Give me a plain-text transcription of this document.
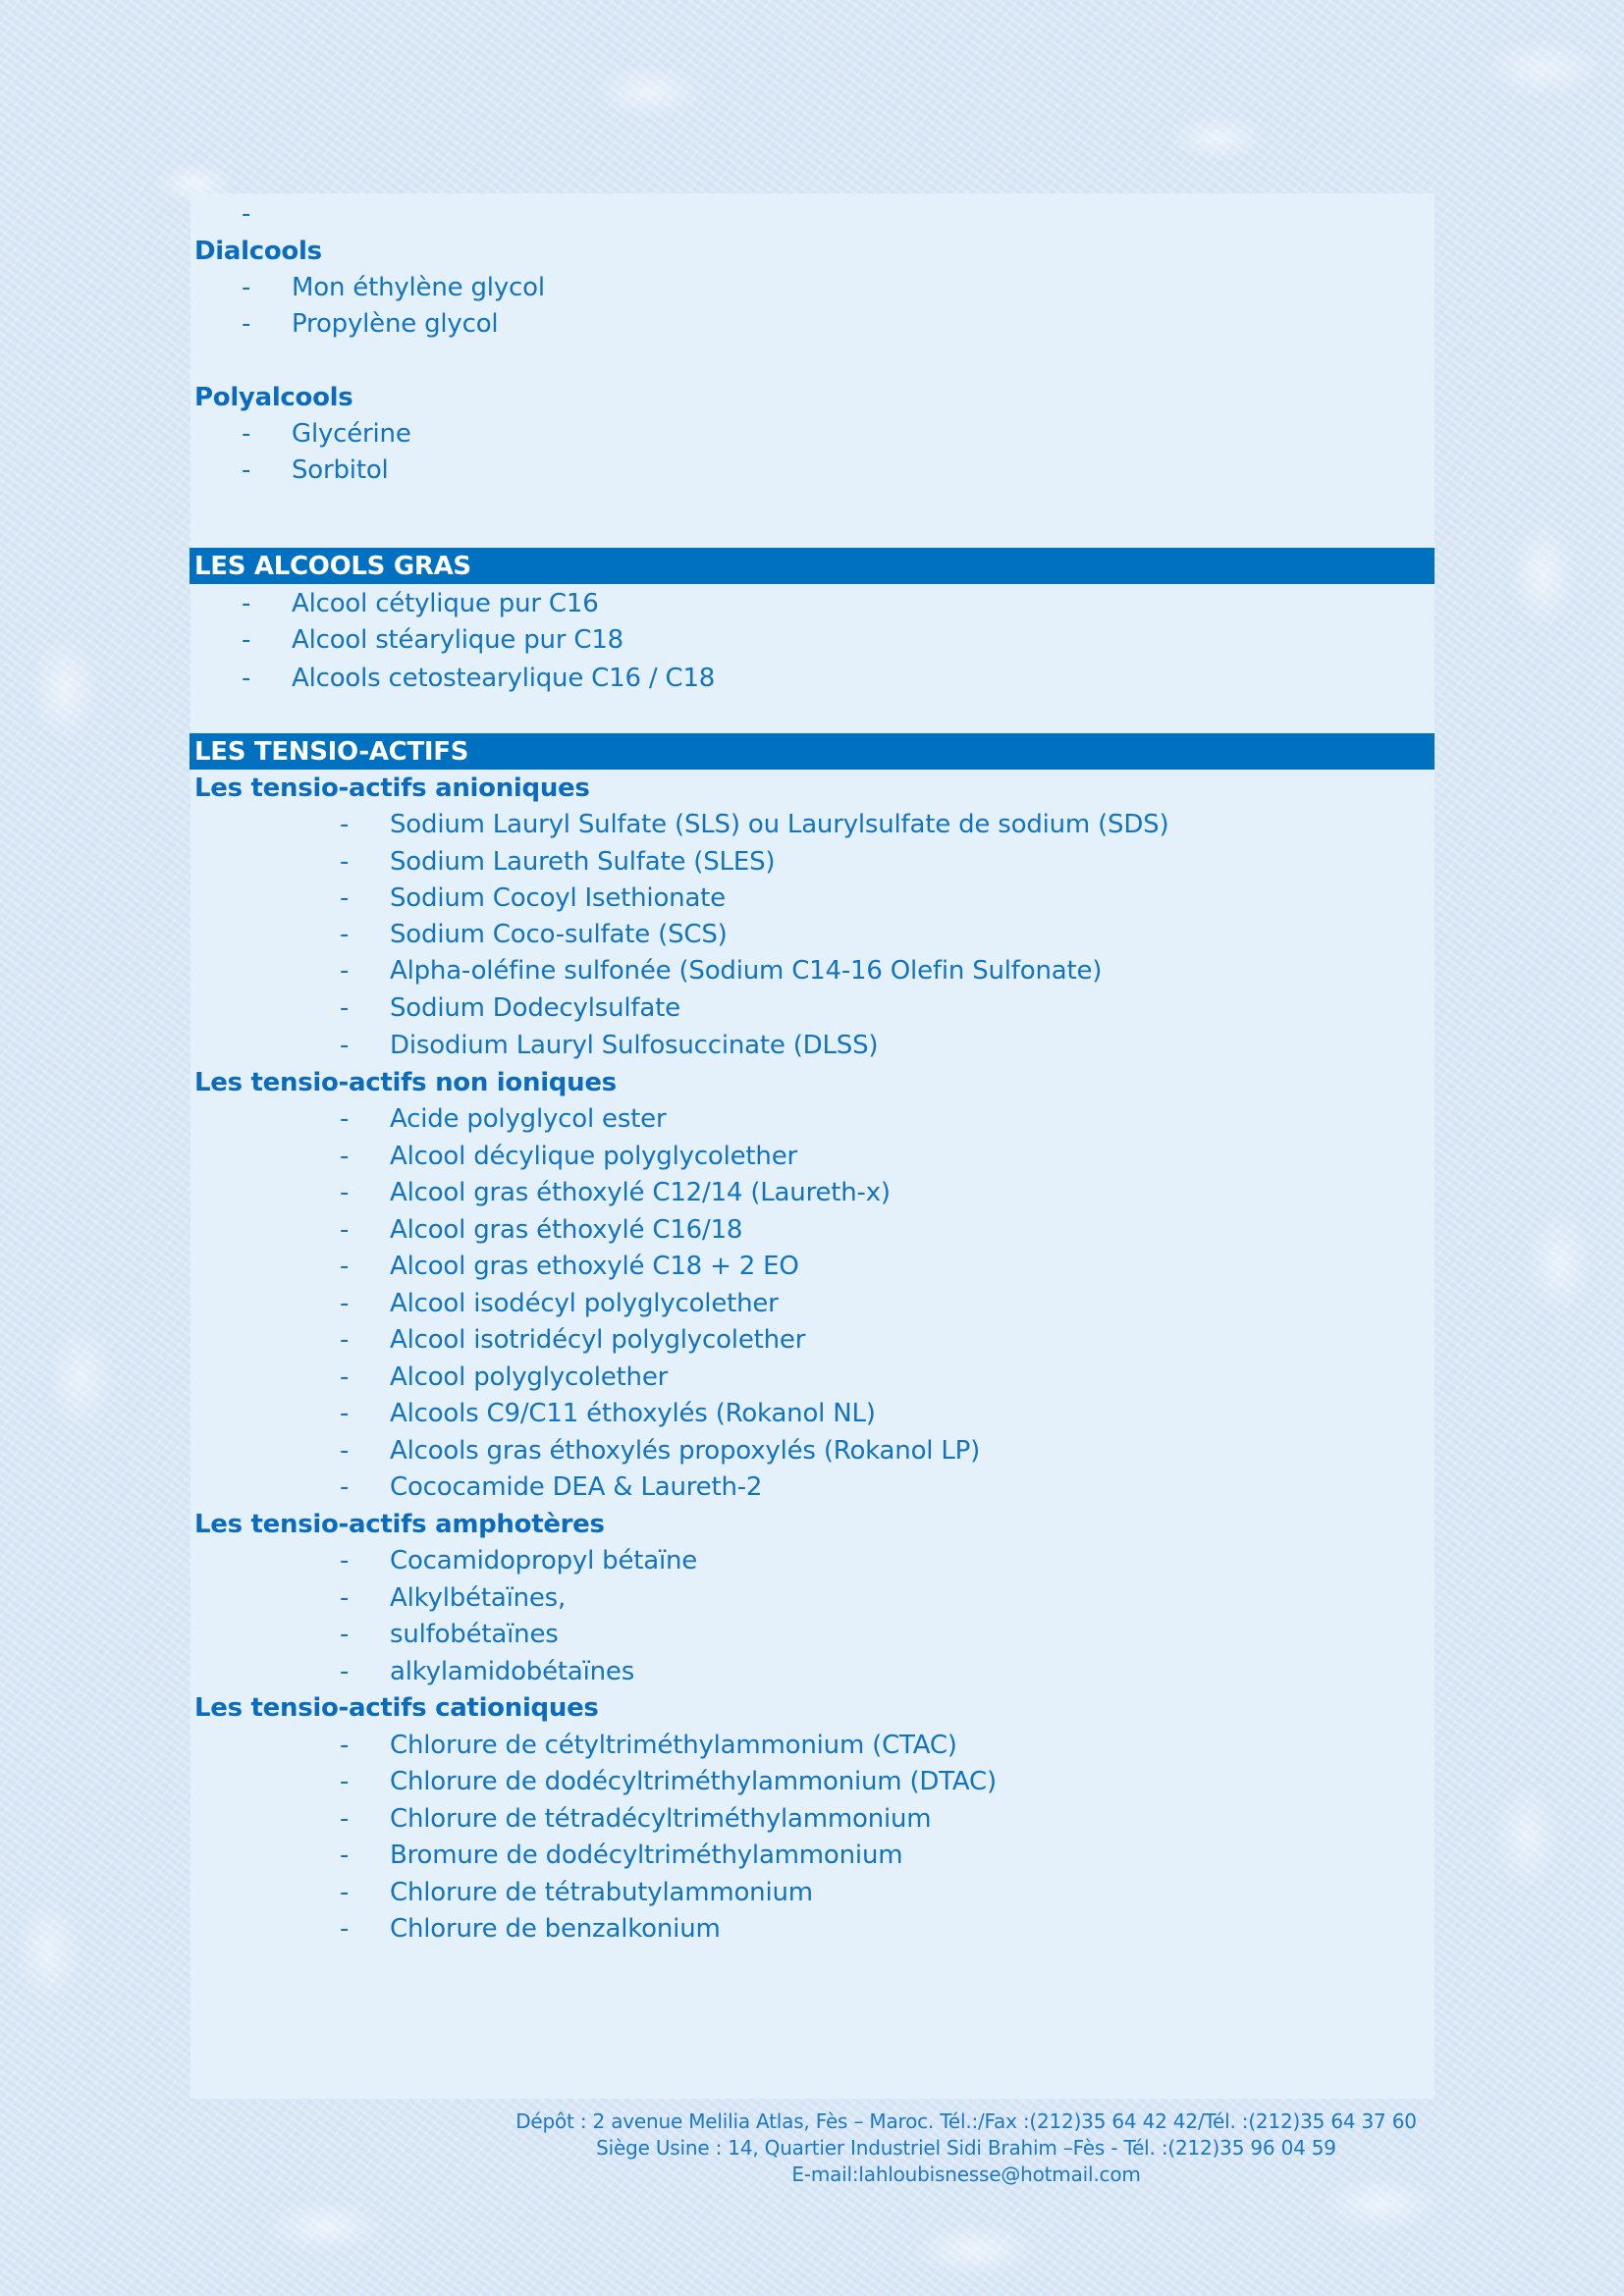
-
Dialcools
- Mon éthylène glycol
- Propylène glycol
Polyalcools
- Glycérine
- Sorbitol
LES ALCOOLS GRAS
- Alcool cétylique pur C16
- Alcool stéarylique pur C18
- Alcools cetostearylique C16 / C18
LES TENSIO-ACTIFS
Les tensio-actifs anioniques
- Sodium Lauryl Sulfate (SLS) ou Laurylsulfate de sodium (SDS)
- Sodium Laureth Sulfate (SLES)
- Sodium Cocoyl Isethionate
- Sodium Coco-sulfate (SCS)
- Alpha-oléfine sulfonée (Sodium C14-16 Olefin Sulfonate)
- Sodium Dodecylsulfate
- Disodium Lauryl Sulfosuccinate (DLSS)
Les tensio-actifs non ioniques
- Acide polyglycol ester
- Alcool décylique polyglycolether
- Alcool gras éthoxylé C12/14 (Laureth-x)
- Alcool gras éthoxylé C16/18
- Alcool gras ethoxylé C18 + 2 EO
- Alcool isodécyl polyglycolether
- Alcool isotridécyl polyglycolether
- Alcool polyglycolether
- Alcools C9/C11 éthoxylés (Rokanol NL)
- Alcools gras éthoxylés propoxylés (Rokanol LP)
- Cococamide DEA & Laureth-2
Les tensio-actifs amphotères
- Cocamidopropyl bétaïne
- Alkylbétaïnes,
- sulfobétaïnes
- alkylamidobétaïnes
Les tensio-actifs cationiques
- Chlorure de cétyltriméthylammonium (CTAC)
- Chlorure de dodécyltriméthylammonium (DTAC)
- Chlorure de tétradécyltriméthylammonium
- Bromure de dodécyltriméthylammonium
- Chlorure de tétrabutylammonium
- Chlorure de benzalkonium
Dépôt : 2 avenue Melilia Atlas, Fès – Maroc. Tél.:/Fax :(212)35 64 42 42/Tél. :(212)35 64 37 60
Siège Usine : 14, Quartier Industriel Sidi Brahim –Fès - Tél. :(212)35 96 04 59
E-mail:lahloubisnesse@hotmail.com
